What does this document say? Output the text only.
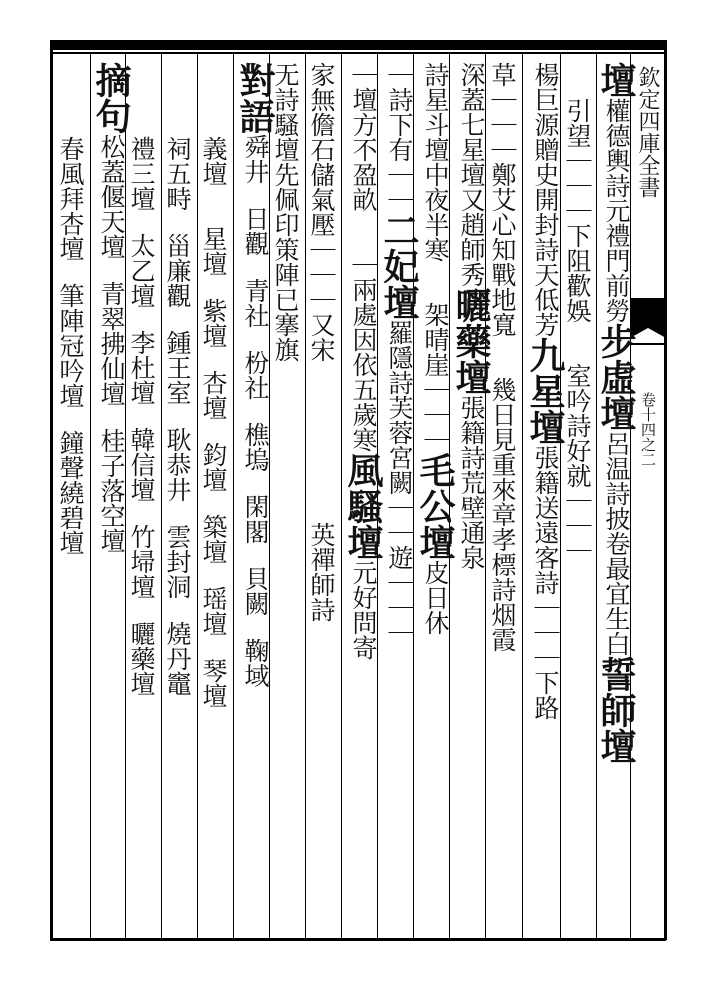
欽定四庫全書
卷十四之二
壇權德輿詩元禮門前勞步虛壇呂温詩披卷最宜生白誓師壇
引望｜｜｜下阻歡娛室吟詩好就｜｜｜
楊巨源贈史開封詩天低芳九星壇張籍送遠客詩｜｜｜下路
草｜｜｜鄭艾心知戰地寬幾日見重來章孝標詩烟霞
深蓋七星壇又趙師秀曬藥壇張籍詩荒壁通泉
詩星斗壇中夜半寒架晴崖｜｜｜毛公壇皮日休
｜詩下有｜｜二妃壇羅隱詩芙蓉宮闕｜｜遊｜｜｜
｜壇方不盈畝｜兩處因依五歲寒風騷壇元好問寄
家無儋石儲氣壓｜｜｜又宋英禪師詩
无詩騷壇先佩印策陣已搴旗
對語舜井日觀青社枌社樵塢閑閣貝闕鞠域
義壇星壇紫壇杏壇鈞壇築壇瑶壇琴壇
祠五畤甾廉觀鍾王室耿恭井雲封洞燒丹竈
禮三壇太乙壇李杜壇韓信壇竹埽壇曬藥壇
摘句松蓋偃天壇青翠拂仙壇桂子落空壇
春風拜杏壇筆陣冠吟壇鐘聲繞碧壇
